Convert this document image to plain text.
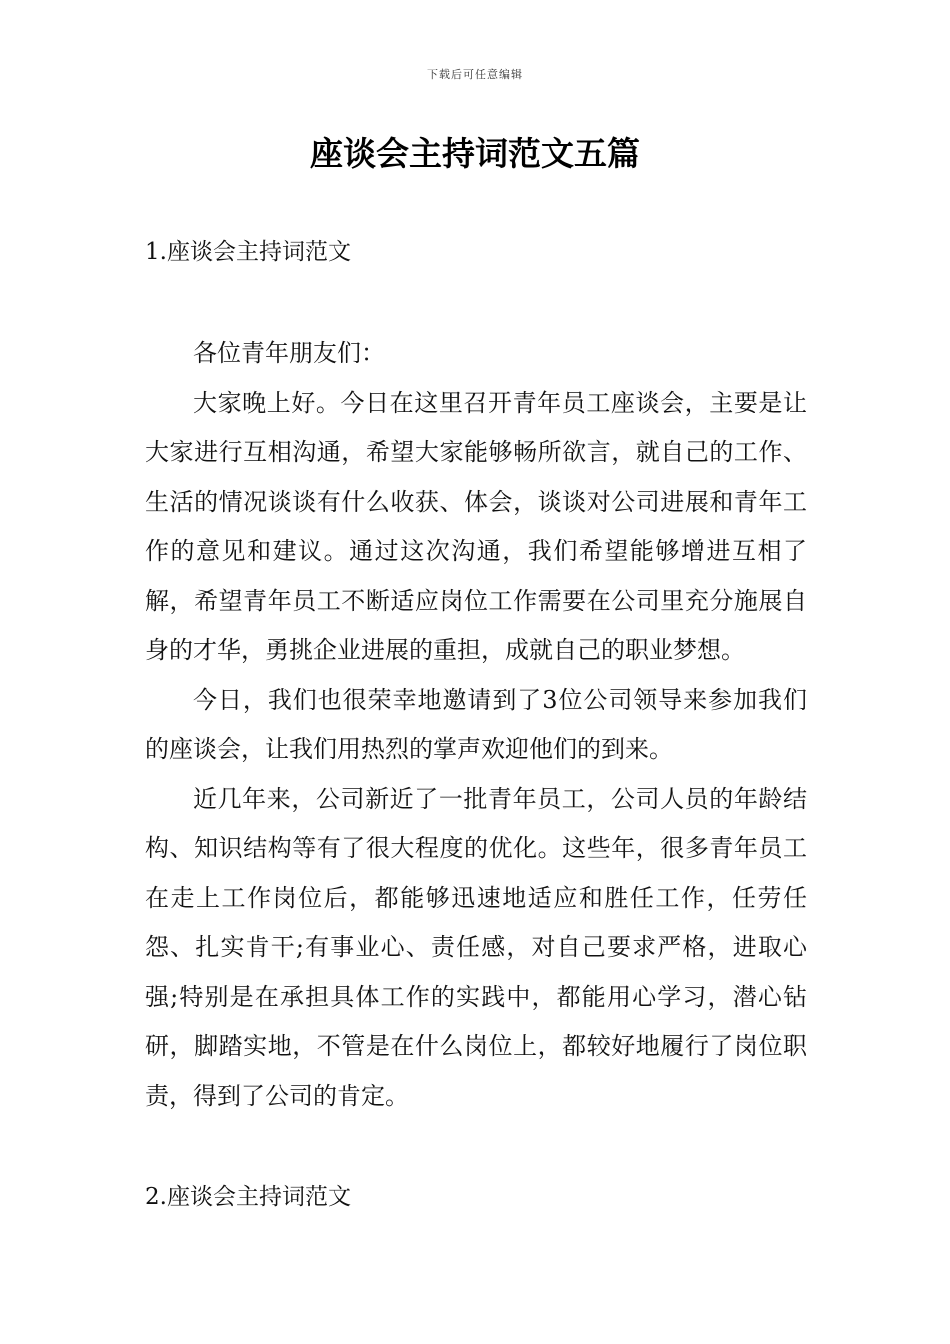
下载后可任意编辑
座谈会主持词范文五篇
1.座谈会主持词范文

各位青年朋友们：

大家晚上好。今日在这里召开青年员工座谈会，主要是让大家进行互相沟通，希望大家能够畅所欲言，就自己的工作、生活的情况谈谈有什么收获、体会，谈谈对公司进展和青年工作的意见和建议。通过这次沟通，我们希望能够增进互相了解，希望青年员工不断适应岗位工作需要在公司里充分施展自身的才华，勇挑企业进展的重担，成就自己的职业梦想。

今日，我们也很荣幸地邀请到了3位公司领导来参加我们的座谈会，让我们用热烈的掌声欢迎他们的到来。

近几年来，公司新近了一批青年员工，公司人员的年龄结构、知识结构等有了很大程度的优化。这些年，很多青年员工在走上工作岗位后，都能够迅速地适应和胜任工作，任劳任怨、扎实肯干;有事业心、责任感，对自己要求严格，进取心强;特别是在承担具体工作的实践中，都能用心学习，潜心钻研，脚踏实地，不管是在什么岗位上，都较好地履行了岗位职责，得到了公司的肯定。

2.座谈会主持词范文
